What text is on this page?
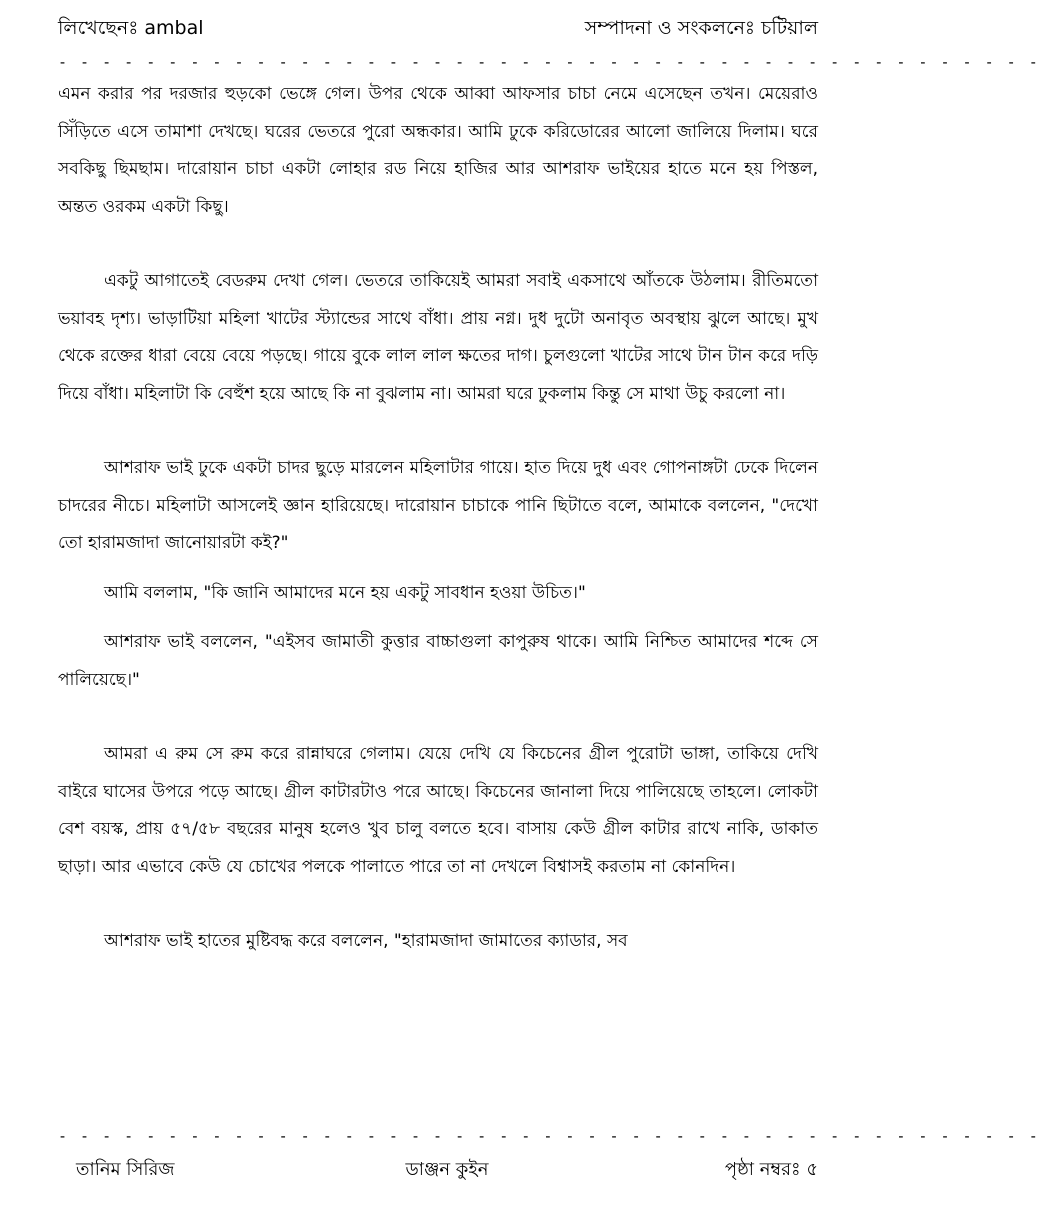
লিখেছেনঃ ambal	সম্পাদনা ও সংকলনেঃ চটিয়াল
- - - - - - - - - - - - - - - - - - - - - - - - - - - - - - - - - - - - - - - - - - - - -

এমন করার পর দরজার হুড়কো ভেঙ্গে গেল। উপর থেকে আব্বা আফসার চাচা নেমে এসেছেন তখন। মেয়েরাও সিঁড়িতে এসে তামাশা দেখছে। ঘরের ভেতরে পুরো অন্ধকার। আমি ঢুকে করিডোরের আলো জালিয়ে দিলাম। ঘরে সবকিছু ছিমছাম। দারোয়ান চাচা একটা লোহার রড নিয়ে হাজির আর আশরাফ ভাইয়ের হাতে মনে হয় পিস্তল, অন্তত ওরকম একটা কিছু।

একটু আগাতেই বেডরুম দেখা গেল। ভেতরে তাকিয়েই আমরা সবাই একসাথে আঁতকে উঠলাম। রীতিমতো ভয়াবহ দৃশ্য। ভাড়াটিয়া মহিলা খাটের স্ট্যান্ডের সাথে বাঁধা। প্রায় নগ্ন। দুধ দুটো অনাবৃত অবস্থায় ঝুলে আছে। মুখ থেকে রক্তের ধারা বেয়ে বেয়ে পড়ছে। গায়ে বুকে লাল লাল ক্ষতের দাগ। চুলগুলো খাটের সাথে টান টান করে দড়ি দিয়ে বাঁধা। মহিলাটা কি বেহুঁশ হয়ে আছে কি না বুঝলাম না। আমরা ঘরে ঢুকলাম কিন্তু সে মাথা উচু করলো না।

আশরাফ ভাই ঢুকে একটা চাদর ছুড়ে মারলেন মহিলাটার গায়ে। হাত দিয়ে দুধ এবং গোপনাঙ্গটা ঢেকে দিলেন চাদরের নীচে। মহিলাটা আসলেই জ্ঞান হারিয়েছে। দারোয়ান চাচাকে পানি ছিটাতে বলে, আমাকে বললেন, "দেখো তো হারামজাদা জানোয়ারটা কই?"

আমি বললাম, "কি জানি আমাদের মনে হয় একটু সাবধান হওয়া উচিত।"

আশরাফ ভাই বললেন, "এইসব জামাতী কুত্তার বাচ্চাগুলা কাপুরুষ থাকে। আমি নিশ্চিত আমাদের শব্দে সে পালিয়েছে।"

আমরা এ রুম সে রুম করে রান্নাঘরে গেলাম। যেয়ে দেখি যে কিচেনের গ্রীল পুরোটা ভাঙ্গা, তাকিয়ে দেখি বাইরে ঘাসের উপরে পড়ে আছে। গ্রীল কাটারটাও পরে আছে। কিচেনের জানালা দিয়ে পালিয়েছে তাহলে। লোকটা বেশ বয়স্ক, প্রায় ৫৭/৫৮ বছরের মানুষ হলেও খুব চালু বলতে হবে। বাসায় কেউ গ্রীল কাটার রাখে নাকি, ডাকাত ছাড়া। আর এভাবে কেউ যে চোখের পলকে পালাতে পারে তা না দেখলে বিশ্বাসই করতাম না কোনদিন।

আশরাফ ভাই হাতের মুষ্টিবদ্ধ করে বললেন, "হারামজাদা জামাতের ক্যাডার, সব

- - - - - - - - - - - - - - - - - - - - - - - - - - - - - - - - - - - - - - - - - - - - -
তানিম সিরিজ	ডাঞ্জন কুইন	পৃষ্ঠা নম্বরঃ ৫
